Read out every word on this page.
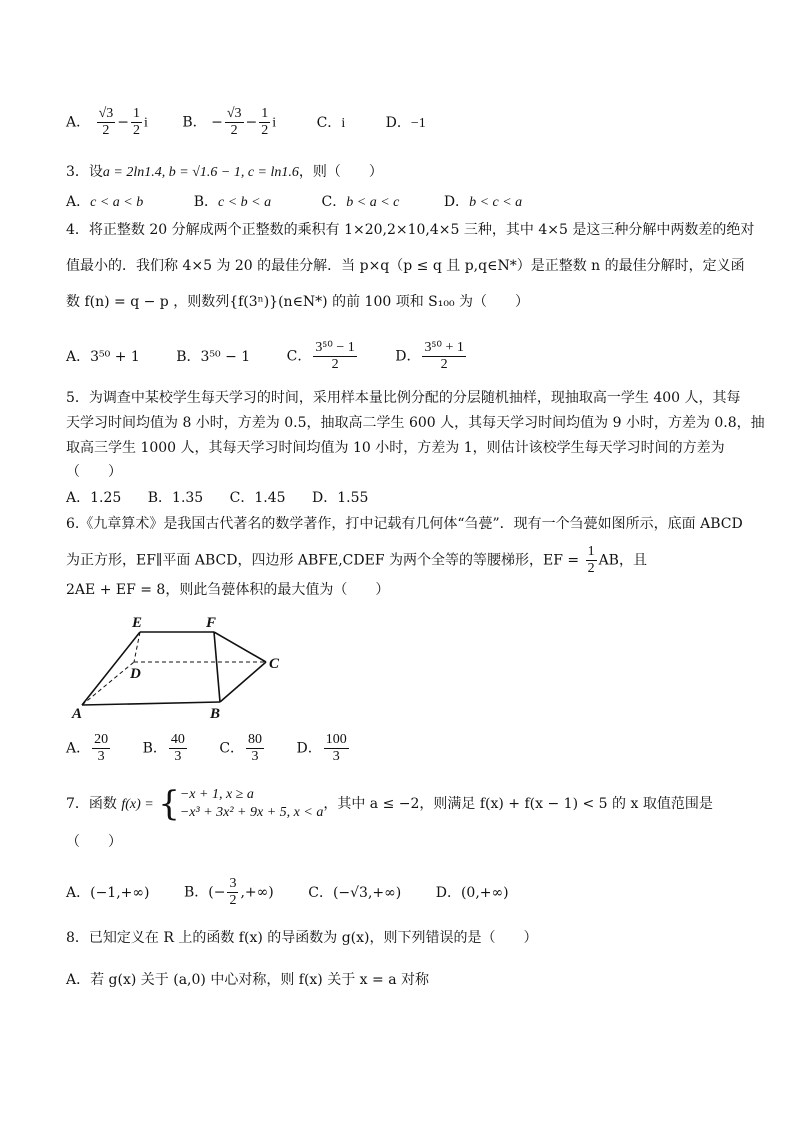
A． $\frac{√3}{2} - \frac{1}{2}$ i B． − $\frac{√3}{2} - \frac{1}{2}$ i	C．i	D．−1
3．设a = 2ln1.4, b = √1.6 − 1, c = ln1.6，则（　　）
A．c < a < b	B．c < b < a	C．b < a < c	D．b < c < a
4．将正整数 20 分解成两个正整数的乘积有 1×20,2×10,4×5 三种，其中 4×5 是这三种分解中两数差的绝对
值最小的．我们称 4×5 为 20 的最佳分解．当 p×q（p ≤ q 且 p,q∈N*）是正整数 n 的最佳分解时，定义函
数 f(n) = q − p ，则数列{f(3ⁿ)}(n∈N*) 的前 100 项和 S₁₀₀ 为（　　）
A．3⁵⁰ + 1	B．3⁵⁰ − 1	C． $\frac{\text{3⁵⁰ − 1}}{2}$	D． $\frac{\text{3⁵⁰ + 1}}{2}$
5．为调查中某校学生每天学习的时间，采用样本量比例分配的分层随机抽样，现抽取高一学生 400 人，其每
天学习时间均值为 8 小时，方差为 0.5，抽取高二学生 600 人，其每天学习时间均值为 9 小时，方差为 0.8，抽
取高三学生 1000 人，其每天学习时间均值为 10 小时，方差为 1，则估计该校学生每天学习时间的方差为
（　　）
A．1.25 B．1.35 C．1.45 D．1.55
6.《九章算术》是我国古代著名的数学著作，打中记载有几何体“刍甍”．现有一个刍甍如图所示，底面 ABCD
为正方形，EF∥平面 ABCD，四边形 ABFE,CDEF 为两个全等的等腰梯形，EF = $\frac{1}{2}$ AB，且
2AE + EF = 8，则此刍甍体积的最大值为（　　）
E	F
C
D
A	B
A． $\frac{20}{3}$ B． $\frac{40}{3}$ C． $\frac{80}{3}$ D． $\frac{100}{3}$
7．函数 f(x) = { −x + 1, x ≥ a
−x³ + 3x² + 9x + 5, x < a
，其中 a ≤ −2，则满足 f(x) + f(x − 1) < 5 的 x 取值范围是
（　　）
A．(−1,+∞) B．(− $\frac{3}{2}$ ,+∞) C．(−√3,+∞) D．(0,+∞)
8．已知定义在 R 上的函数 f(x) 的导函数为 g(x)，则下列错误的是（　　）
A．若 g(x) 关于 (a,0) 中心对称，则 f(x) 关于 x = a 对称
